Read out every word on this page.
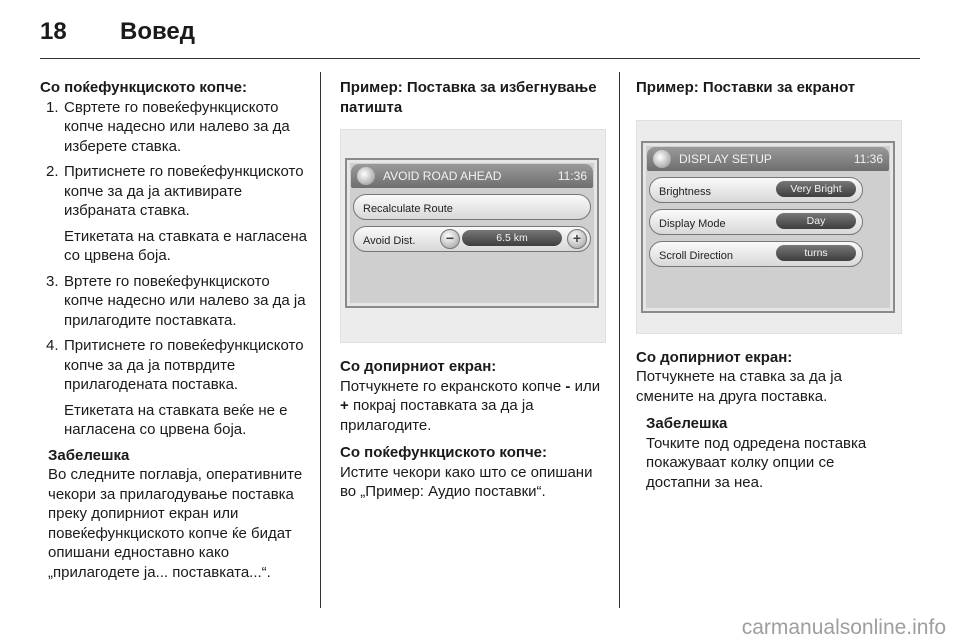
18 Вовед

Со поќефункциското копче:

1. Свртете го повеќефункциското копче надесно или налево за да изберете ставка.

2. Притиснете го повеќефункциското копче за да ја активирате избраната ставка.

Етикетата на ставката е нагласена со црвена боја.

3. Вртете го повеќефункциското копче надесно или налево за да ја прилагодите поставката.

4. Притиснете го повеќефункциското копче за да ја потврдите прилагодената поставка.

Етикетата на ставката веќе не е нагласена со црвена боја.

Забелешка

Во следните поглавја, оперативните чекори за прилагодување поставка преку допирниот екран или повеќефункциското копче ќе бидат опишани едноставно како „прилагодете ја... поставката...“.

Пример: Поставка за избегнување патишта

AVOID ROAD AHEAD	11:36
Recalculate Route
Avoid Dist.	−	6.5 km	+

Со допирниот екран:

Потчукнете го екранското копче - или + покрај поставката за да ја прилагодите.

Со поќефункциското копче:

Истите чекори како што се опишани во „Пример: Аудио поставки“.

Пример: Поставки за екранот

DISPLAY SETUP	11:36
Brightness	Very Bright
Display Mode	Day
Scroll Direction	turns

Со допирниот екран:

Потчукнете на ставка за да ја смените на друга поставка.

Забелешка

Точките под одредена поставка покажуваат колку опции се достапни за неа.

carmanualsonline.info
